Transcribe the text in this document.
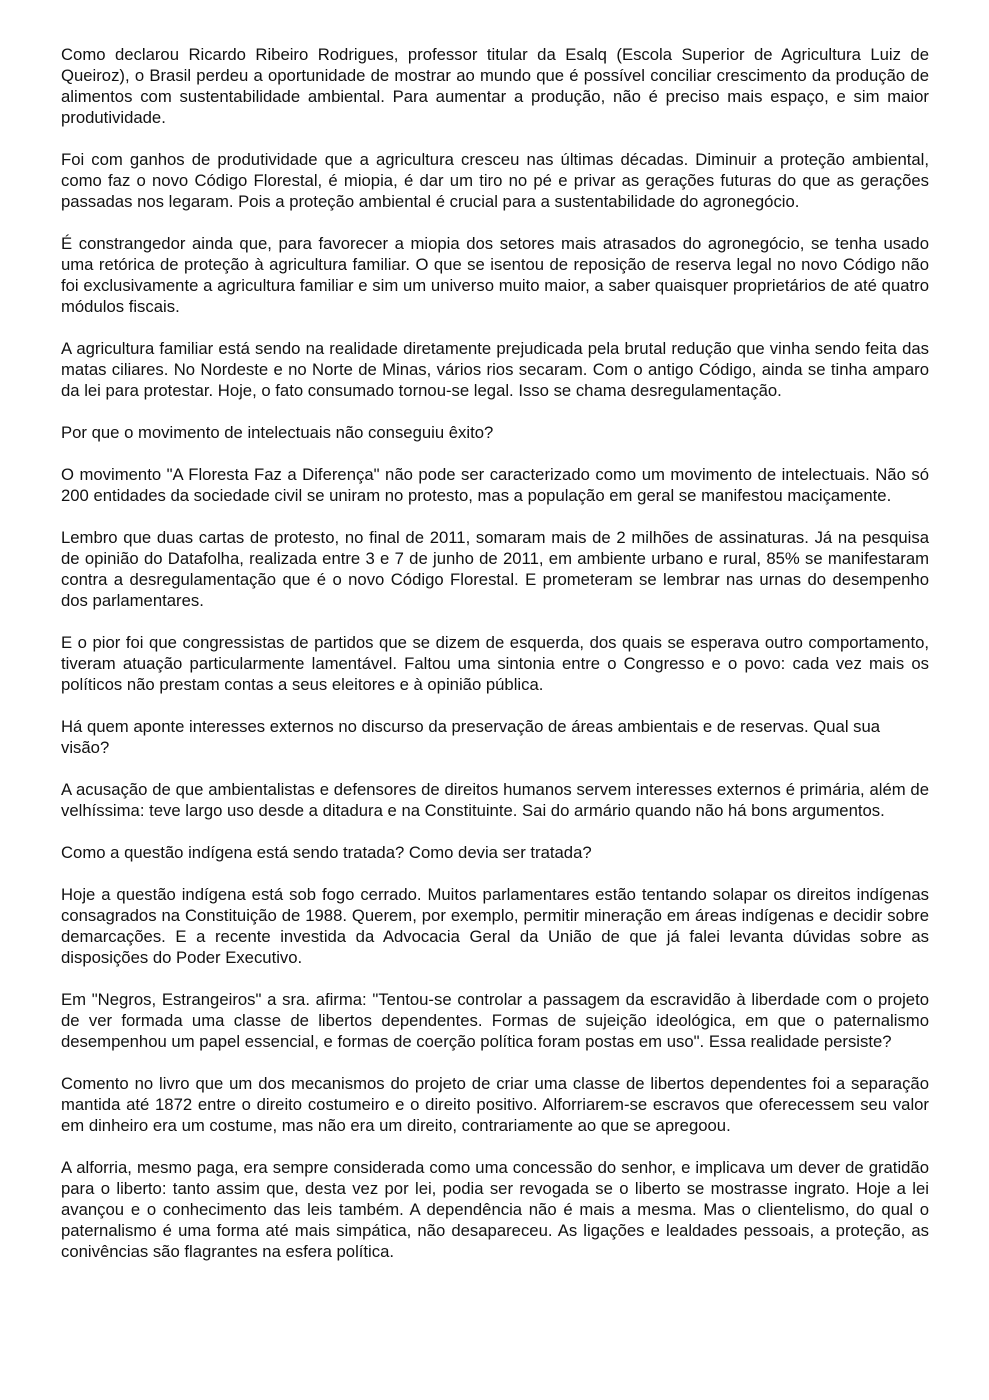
Como declarou Ricardo Ribeiro Rodrigues, professor titular da Esalq (Escola Superior de Agricultura Luiz de Queiroz), o Brasil perdeu a oportunidade de mostrar ao mundo que é possível conciliar crescimento da produção de alimentos com sustentabilidade ambiental. Para aumentar a produção, não é preciso mais espaço, e sim maior produtividade.

Foi com ganhos de produtividade que a agricultura cresceu nas últimas décadas. Diminuir a proteção ambiental, como faz o novo Código Florestal, é miopia, é dar um tiro no pé e privar as gerações futuras do que as gerações passadas nos legaram. Pois a proteção ambiental é crucial para a sustentabilidade do agronegócio.

É constrangedor ainda que, para favorecer a miopia dos setores mais atrasados do agronegócio, se tenha usado uma retórica de proteção à agricultura familiar. O que se isentou de reposição de reserva legal no novo Código não foi exclusivamente a agricultura familiar e sim um universo muito maior, a saber quaisquer proprietários de até quatro módulos fiscais.

A agricultura familiar está sendo na realidade diretamente prejudicada pela brutal redução que vinha sendo feita das matas ciliares. No Nordeste e no Norte de Minas, vários rios secaram. Com o antigo Código, ainda se tinha amparo da lei para protestar. Hoje, o fato consumado tornou-se legal. Isso se chama desregulamentação.

Por que o movimento de intelectuais não conseguiu êxito?

O movimento "A Floresta Faz a Diferença" não pode ser caracterizado como um movimento de intelectuais. Não só 200 entidades da sociedade civil se uniram no protesto, mas a população em geral se manifestou maciçamente.

Lembro que duas cartas de protesto, no final de 2011, somaram mais de 2 milhões de assinaturas. Já na pesquisa de opinião do Datafolha, realizada entre 3 e 7 de junho de 2011, em ambiente urbano e rural, 85% se manifestaram contra a desregulamentação que é o novo Código Florestal. E prometeram se lembrar nas urnas do desempenho dos parlamentares.

E o pior foi que congressistas de partidos que se dizem de esquerda, dos quais se esperava outro comportamento, tiveram atuação particularmente lamentável. Faltou uma sintonia entre o Congresso e o povo: cada vez mais os políticos não prestam contas a seus eleitores e à opinião pública.

Há quem aponte interesses externos no discurso da preservação de áreas ambientais e de reservas. Qual sua visão?

A acusação de que ambientalistas e defensores de direitos humanos servem interesses externos é primária, além de velhíssima: teve largo uso desde a ditadura e na Constituinte. Sai do armário quando não há bons argumentos.

Como a questão indígena está sendo tratada? Como devia ser tratada?

Hoje a questão indígena está sob fogo cerrado. Muitos parlamentares estão tentando solapar os direitos indígenas consagrados na Constituição de 1988. Querem, por exemplo, permitir mineração em áreas indígenas e decidir sobre demarcações. E a recente investida da Advocacia Geral da União de que já falei levanta dúvidas sobre as disposições do Poder Executivo.

Em "Negros, Estrangeiros" a sra. afirma: "Tentou-se controlar a passagem da escravidão à liberdade com o projeto de ver formada uma classe de libertos dependentes. Formas de sujeição ideológica, em que o paternalismo desempenhou um papel essencial, e formas de coerção política foram postas em uso". Essa realidade persiste?

Comento no livro que um dos mecanismos do projeto de criar uma classe de libertos dependentes foi a separação mantida até 1872 entre o direito costumeiro e o direito positivo. Alforriarem-se escravos que oferecessem seu valor em dinheiro era um costume, mas não era um direito, contrariamente ao que se apregoou.

A alforria, mesmo paga, era sempre considerada como uma concessão do senhor, e implicava um dever de gratidão para o liberto: tanto assim que, desta vez por lei, podia ser revogada se o liberto se mostrasse ingrato. Hoje a lei avançou e o conhecimento das leis também. A dependência não é mais a mesma. Mas o clientelismo, do qual o paternalismo é uma forma até mais simpática, não desapareceu. As ligações e lealdades pessoais, a proteção, as conivências são flagrantes na esfera política.
